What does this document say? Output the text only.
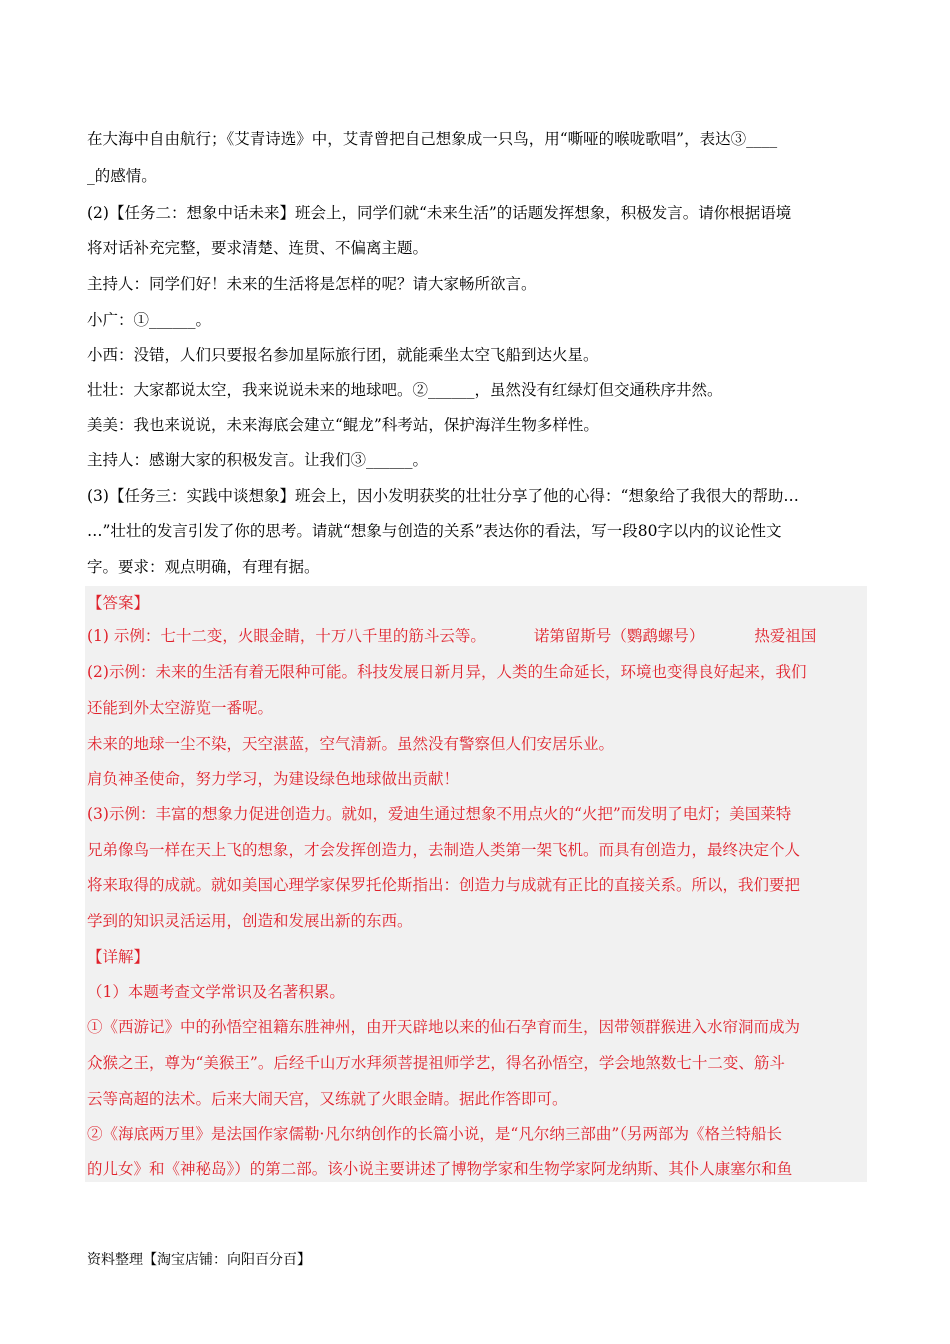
在大海中自由航行；《艾青诗选》中，艾青曾把自己想象成一只鸟，用“嘶哑的喉咙歌唱”，表达③____
_的感情。
(2)【任务二：想象中话未来】班会上，同学们就“未来生活”的话题发挥想象，积极发言。请你根据语境
将对话补充完整，要求清楚、连贯、不偏离主题。
主持人：同学们好！未来的生活将是怎样的呢？请大家畅所欲言。
小广：①______。
小西：没错，人们只要报名参加星际旅行团，就能乘坐太空飞船到达火星。
壮壮：大家都说太空，我来说说未来的地球吧。②______，虽然没有红绿灯但交通秩序井然。
美美：我也来说说，未来海底会建立“鲲龙”科考站，保护海洋生物多样性。
主持人：感谢大家的积极发言。让我们③______。
(3)【任务三：实践中谈想象】班会上，因小发明获奖的壮壮分享了他的心得：“想象给了我很大的帮助…
…”壮壮的发言引发了你的思考。请就“想象与创造的关系”表达你的看法，写一段80字以内的议论性文
字。要求：观点明确，有理有据。
【答案】
(1) 示例：七十二变，火眼金睛，十万八千里的筋斗云等。	诺第留斯号（鹦鹉螺号）	热爱祖国
(2)示例：未来的生活有着无限种可能。科技发展日新月异，人类的生命延长，环境也变得良好起来，我们
还能到外太空游览一番呢。
未来的地球一尘不染，天空湛蓝，空气清新。虽然没有警察但人们安居乐业。
肩负神圣使命，努力学习，为建设绿色地球做出贡献！
(3)示例：丰富的想象力促进创造力。就如，爱迪生通过想象不用点火的“火把”而发明了电灯；美国莱特
兄弟像鸟一样在天上飞的想象，才会发挥创造力，去制造人类第一架飞机。而具有创造力，最终决定个人
将来取得的成就。就如美国心理学家保罗托伦斯指出：创造力与成就有正比的直接关系。所以，我们要把
学到的知识灵活运用，创造和发展出新的东西。
【详解】
（1）本题考查文学常识及名著积累。
①《西游记》中的孙悟空祖籍东胜神州，由开天辟地以来的仙石孕育而生，因带领群猴进入水帘洞而成为
众猴之王，尊为“美猴王”。后经千山万水拜须菩提祖师学艺，得名孙悟空，学会地煞数七十二变、筋斗
云等高超的法术。后来大闹天宫，又练就了火眼金睛。据此作答即可。
②《海底两万里》是法国作家儒勒·凡尔纳创作的长篇小说，是“凡尔纳三部曲”（另两部为《格兰特船长
的儿女》和《神秘岛》）的第二部。该小说主要讲述了博物学家和生物学家阿龙纳斯、其仆人康塞尔和鱼
资料整理【淘宝店铺：向阳百分百】
